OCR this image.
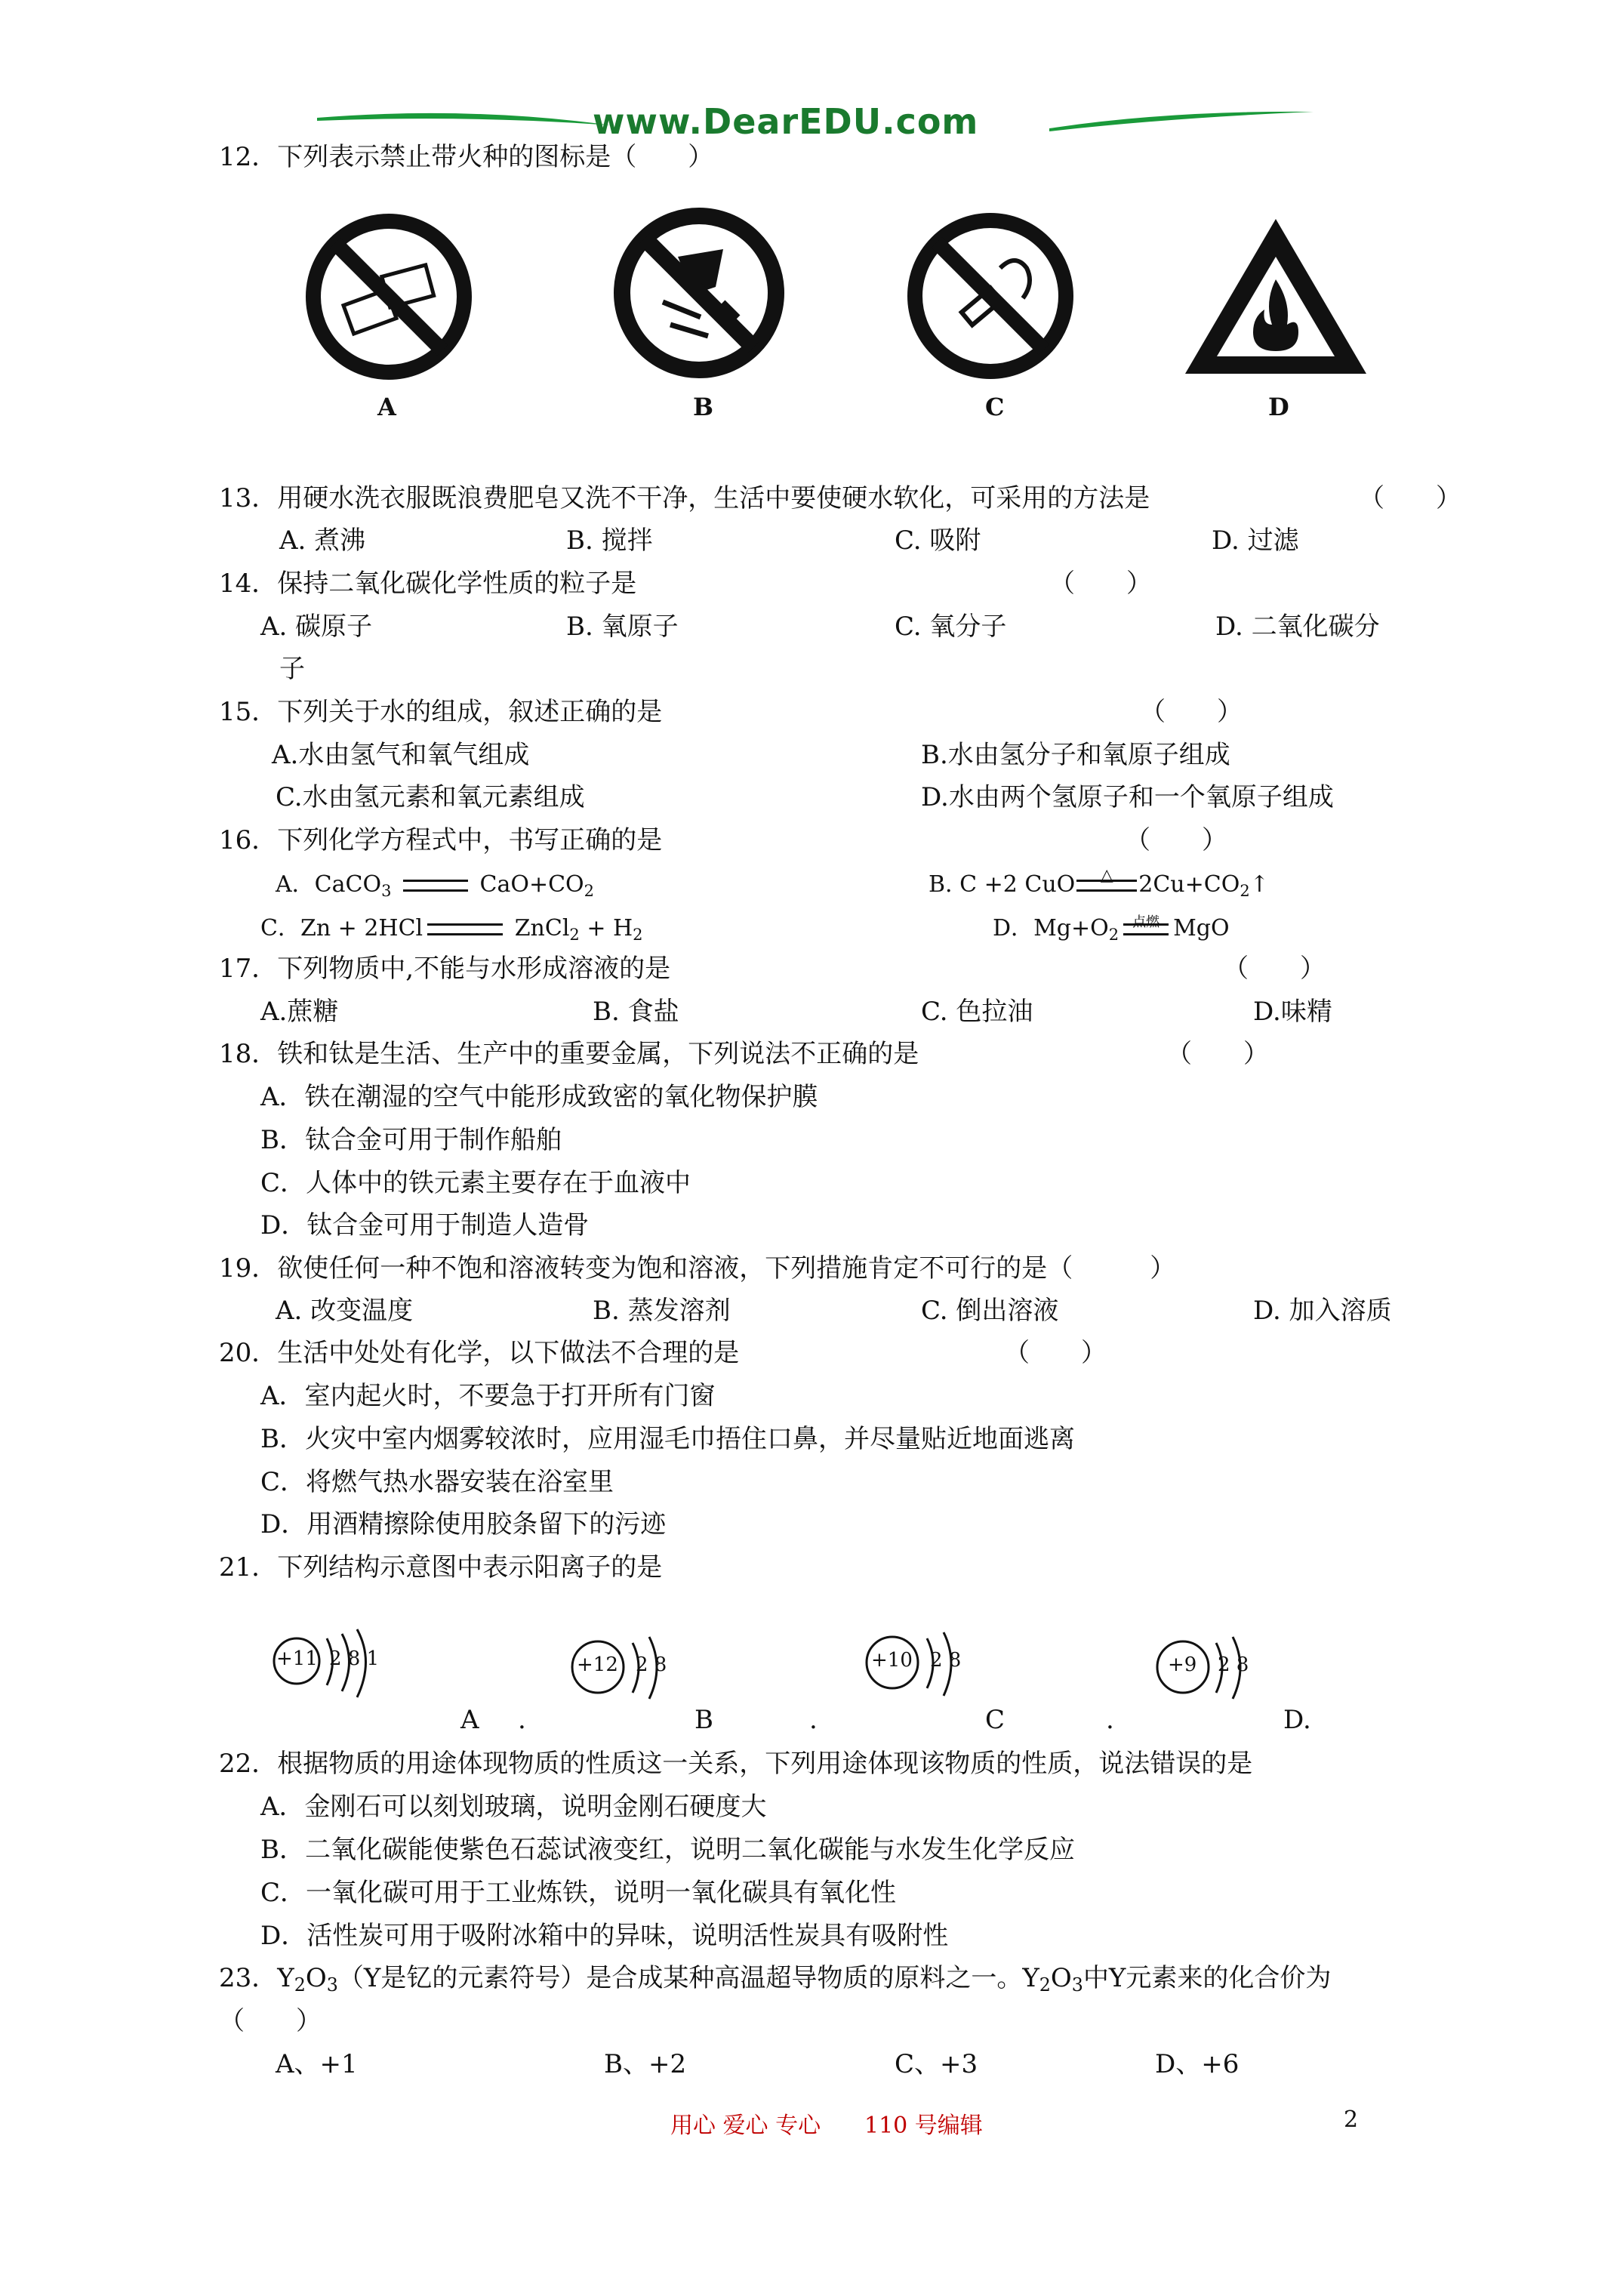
www.DearEDU.com
12．下列表示禁止带火种的图标是（　　）
A	B	C	D
13．用硬水洗衣服既浪费肥皂又洗不干净，生活中要使硬水软化，可采用的方法是	（　　）
A. 煮沸	B. 搅拌	C. 吸附	D. 过滤
14．保持二氧化碳化学性质的粒子是	（　　）
A. 碳原子	B. 氧原子	C. 氧分子	D. 二氧化碳分
子
15．下列关于水的组成，叙述正确的是	（　　）
A.水由氢气和氧气组成	B.水由氢分子和氧原子组成
C.水由氢元素和氧元素组成	D.水由两个氢原子和一个氧原子组成
16．下列化学方程式中，书写正确的是	（　　）
A．CaCO$_3$	$CaO+CO_2$	B. C +2 CuO △ $2Cu+CO_2↑$
C．Zn + 2HCl	ZnCl$_2$ + $H_2$	D．$Mg+O_2$
点燃 MgO
17．下列物质中,不能与水形成溶液的是	（　　）
A.蔗糖	B. 食盐	C. 色拉油	D.味精
18．铁和钛是生活、生产中的重要金属，下列说法不正确的是	（　　）
A．铁在潮湿的空气中能形成致密的氧化物保护膜
B．钛合金可用于制作船舶
C．人体中的铁元素主要存在于血液中
D．钛合金可用于制造人造骨
19．欲使任何一种不饱和溶液转变为饱和溶液，下列措施肯定不可行的是（　　　）
A. 改变温度	B. 蒸发溶剂	C. 倒出溶液	D. 加入溶质
20．生活中处处有化学，以下做法不合理的是	（　　）
A．室内起火时，不要急于打开所有门窗
B．火灾中室内烟雾较浓时，应用湿毛巾捂住口鼻，并尽量贴近地面逃离
C．将燃气热水器安装在浴室里
D．用酒精擦除使用胶条留下的污迹
21．下列结构示意图中表示阳离子的是
+11 2 8 1	+12 2 8	+10 2 8	+9 2 8
A .	B	.	C	.	D.
22．根据物质的用途体现物质的性质这一关系，下列用途体现该物质的性质，说法错误的是
A．金刚石可以刻划玻璃，说明金刚石硬度大
B．二氧化碳能使紫色石蕊试液变红，说明二氧化碳能与水发生化学反应
C．一氧化碳可用于工业炼铁，说明一氧化碳具有氧化性
D．活性炭可用于吸附冰箱中的异味，说明活性炭具有吸附性
23．$Y_2O_3(Y$是钇的元素符号）是合成某种高温超导物质的原料之一。$Y_2O_3$中Y元素来的化合价为
（　　）
A、+1	B、+2	C、+3	D、+6
用心 爱心 专心 110 号编辑	2
